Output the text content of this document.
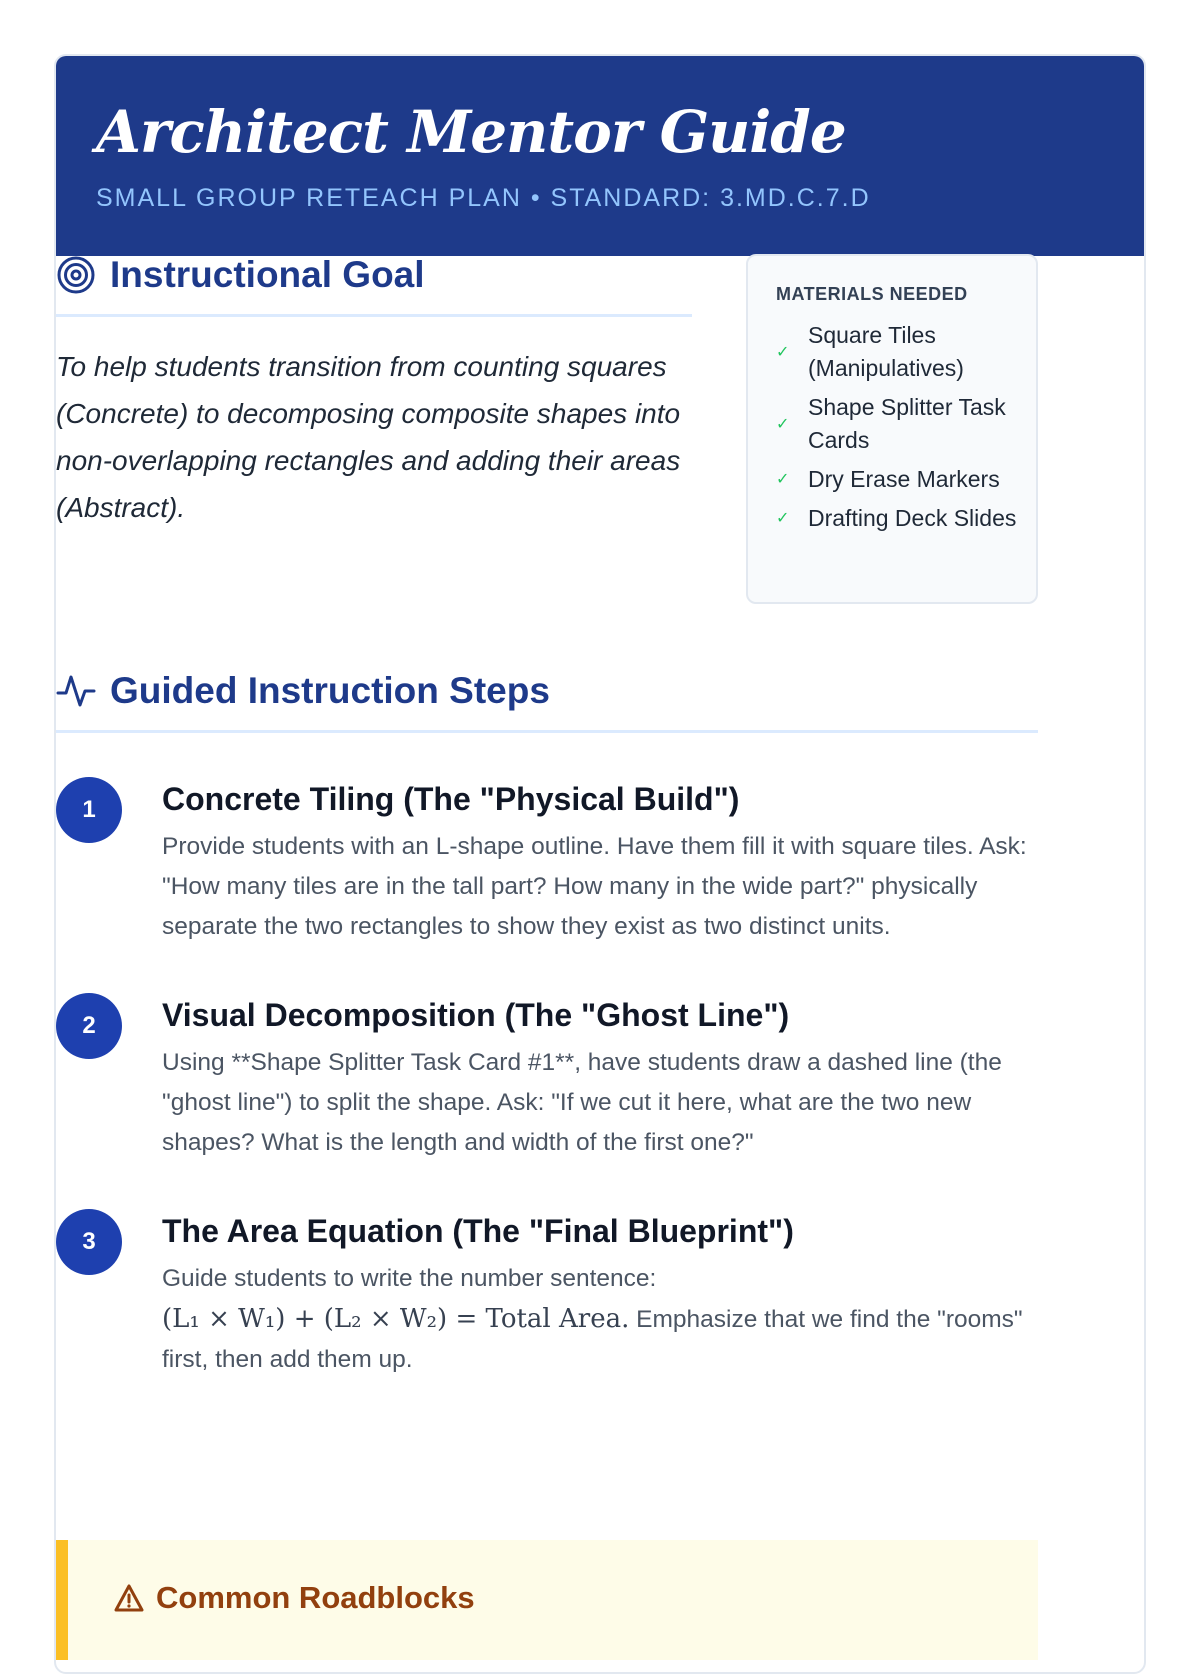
Architect Mentor Guide
SMALL GROUP RETEACH PLAN • STANDARD: 3.MD.C.7.D
Instructional Goal

To help students transition from counting squares (Concrete) to decomposing composite shapes into non-overlapping rectangles and adding their areas (Abstract).

MATERIALS NEEDED
✓
Square Tiles (Manipulatives)
✓
Shape Splitter Task Cards
✓ Dry Erase Markers
✓ Drafting Deck Slides
Guided Instruction Steps
1	Concrete Tiling (The "Physical Build")

Provide students with an L-shape outline. Have them fill it with square tiles. Ask: "How many tiles are in the tall part? How many in the wide part?" physically separate the two rectangles to show they exist as two distinct units.

2	Visual Decomposition (The "Ghost Line")

Using **Shape Splitter Task Card #1**, have students draw a dashed line (the "ghost line") to split the shape. Ask: "If we cut it here, what are the two new shapes? What is the length and width of the first one?"

3	The Area Equation (The "Final Blueprint")

Guide students to write the number sentence:
(L₁ × W₁) + (L₂ × W₂) = Total Area. Emphasize that we find the "rooms" first, then add them up.

Common Roadblocks
